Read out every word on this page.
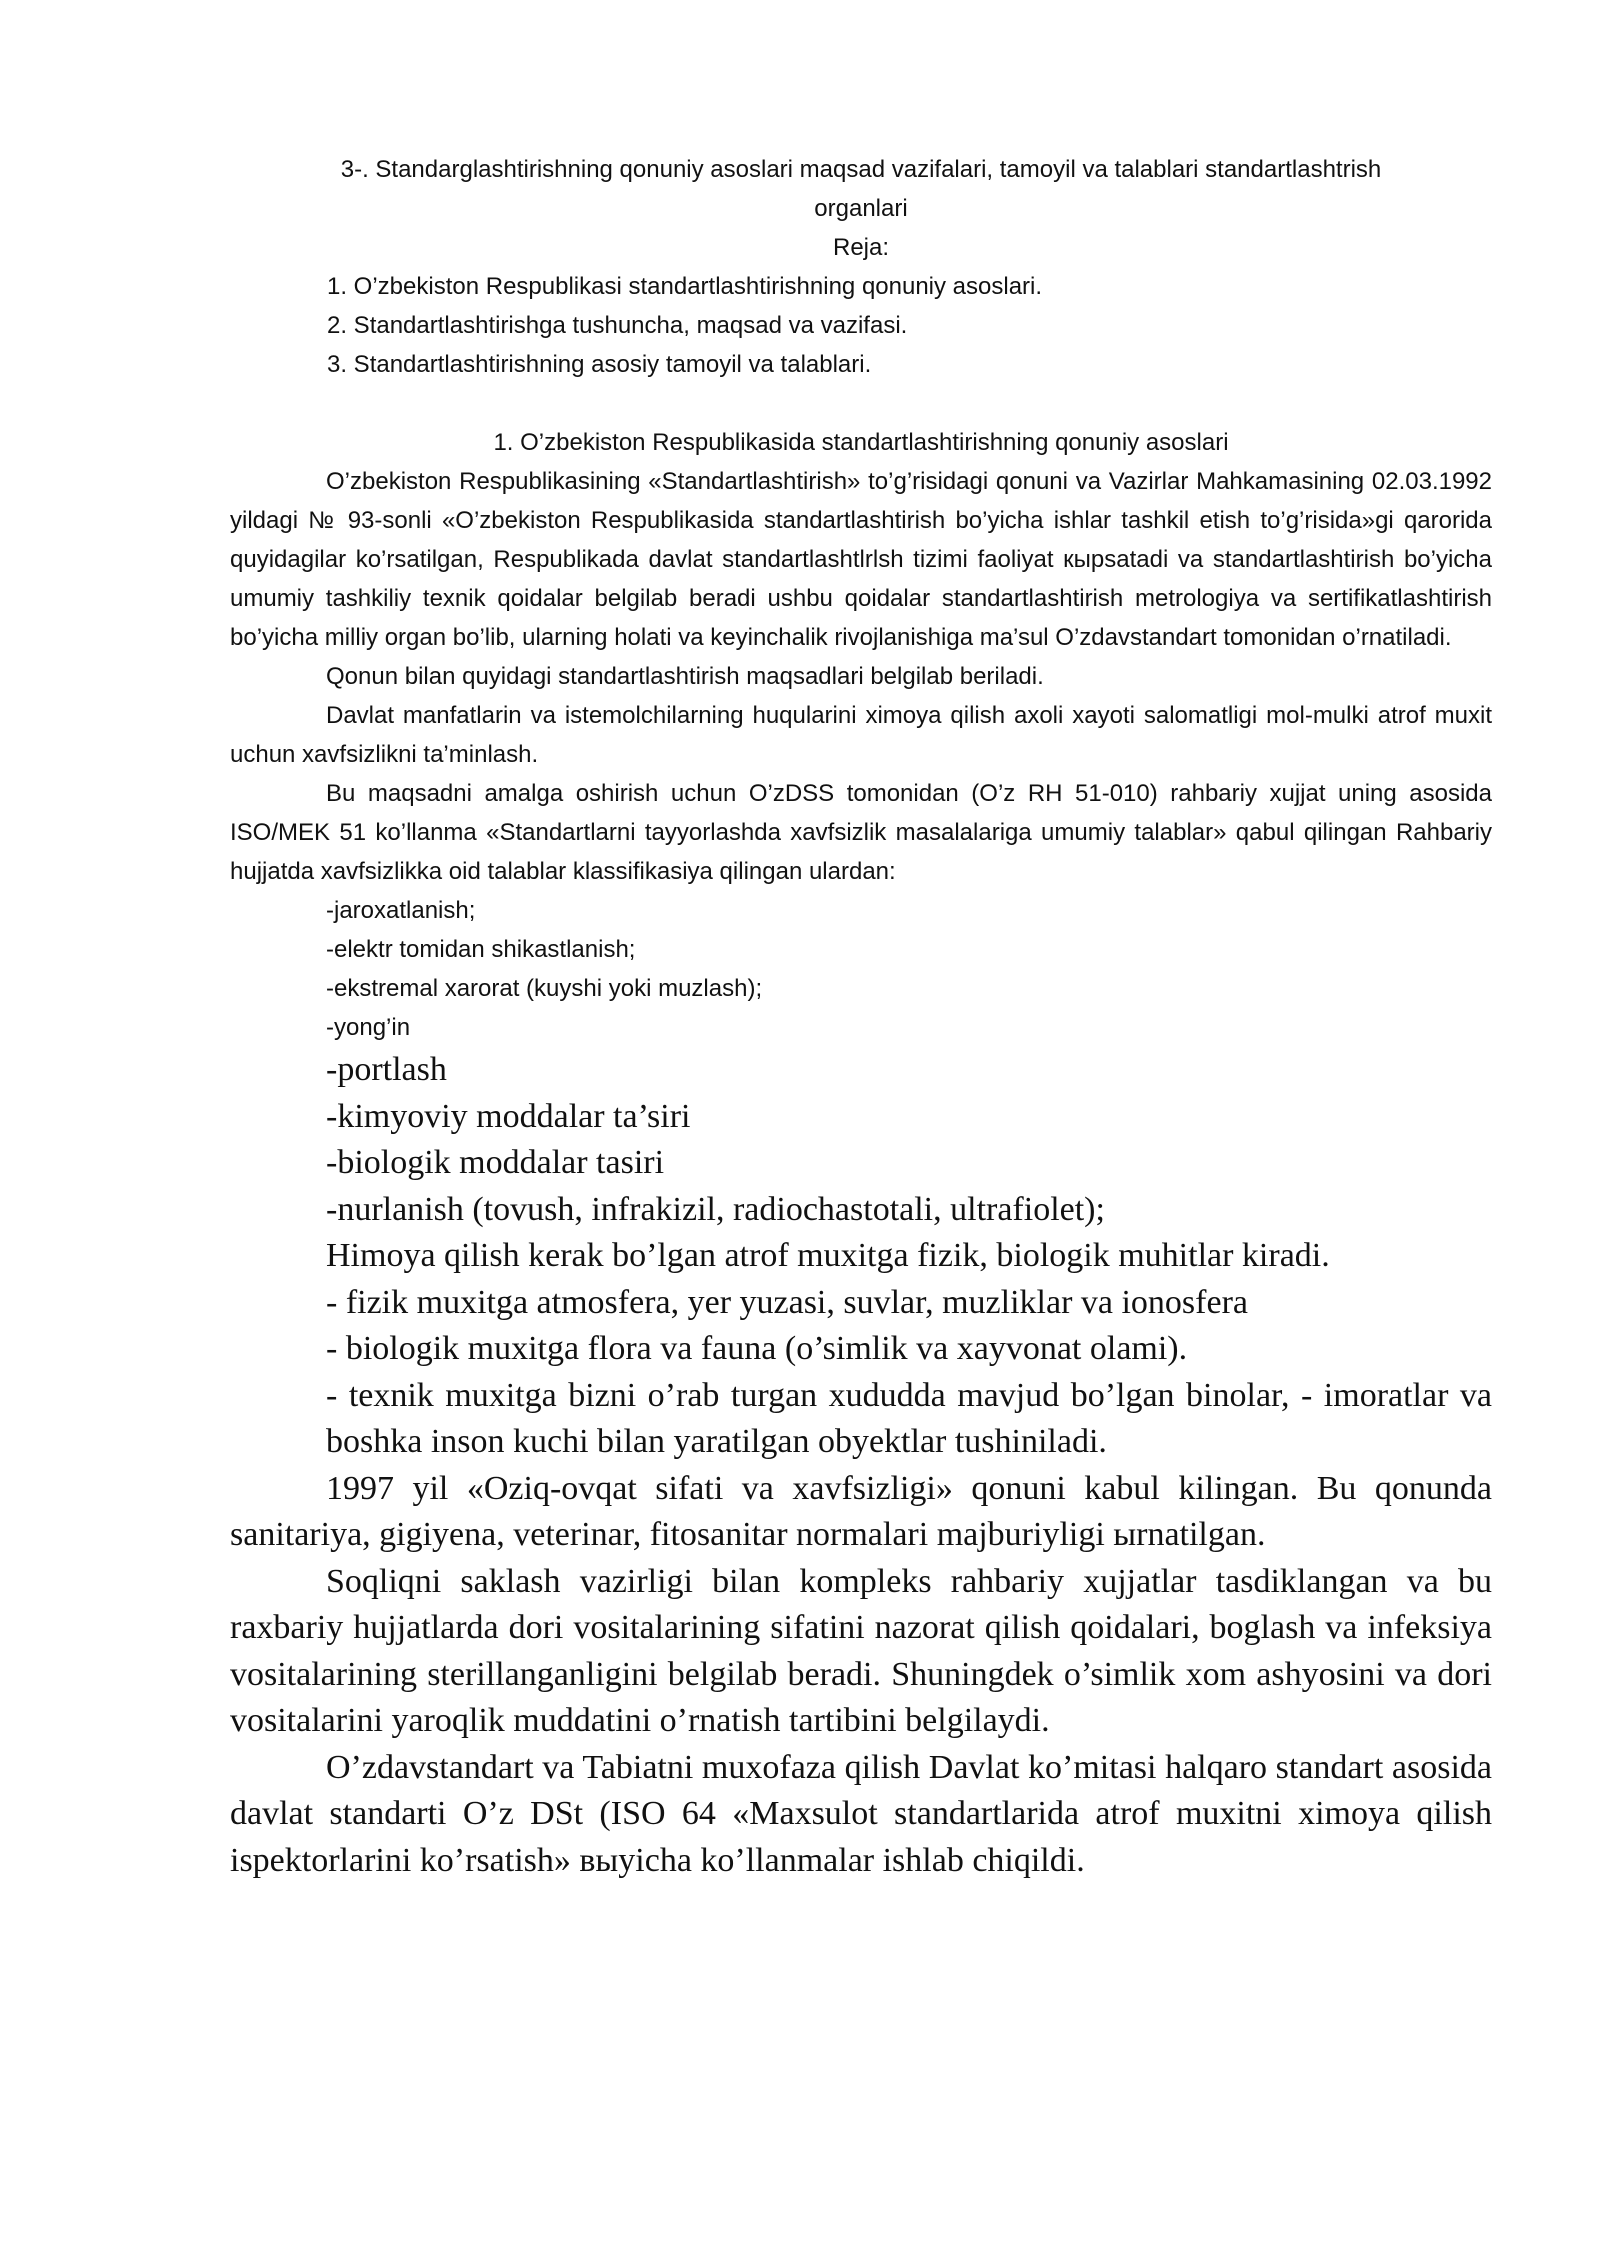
3-. Standarglashtirishning qonuniy asoslari maqsad vazifalari, tamoyil va talablari standartlashtrish
organlari
Reja:
1. O’zbekiston Respublikasi standartlashtirishning qonuniy asoslari.
2. Standartlashtirishga tushuncha, maqsad va vazifasi.
3. Standartlashtirishning asosiy tamoyil va talablari.
1. O’zbekiston Respublikasida standartlashtirishning qonuniy asoslari

O’zbekiston Respublikasining «Standartlashtirish» to’g’risidagi qonuni va Vazirlar Mahkamasining 02.03.1992 yildagi № 93-sonli «O’zbekiston Respublikasida standartlashtirish bo’yicha ishlar tashkil etish to’g’risida»gi qarorida quyidagilar ko’rsatilgan, Respublikada davlat standartlashtlrlsh tizimi faoliyat кырsatadi va standartlashtirish bo’yicha umumiy tashkiliy texnik qoidalar belgilab beradi ushbu qoidalar standartlashtirish metrologiya va sertifikatlashtirish bo’yicha milliy organ bo’lib, ularning holati va keyinchalik rivojlanishiga ma’sul O’zdavstandart tomonidan o’rnatiladi.

Qonun bilan quyidagi standartlashtirish maqsadlari belgilab beriladi.

Davlat manfatlarin va istemolchilarning huqularini ximoya qilish axoli xayoti salomatligi mol-mulki atrof muxit uchun xavfsizlikni ta’minlash.

Bu maqsadni amalga oshirish uchun O’zDSS tomonidan (O’z RH 51-010) rahbariy xujjat uning asosida ISO/MEK 51 ko’llanma «Standartlarni tayyorlashda xavfsizlik masalalariga umumiy talablar» qabul qilingan Rahbariy hujjatda xavfsizlikka oid talablar klassifikasiya qilingan ulardan:

-jaroxatlanish;
-elektr tomidan shikastlanish;
-ekstremal xarorat (kuyshi yoki muzlash);
-yong’in
-portlash
-kimyoviy moddalar ta’siri
-biologik moddalar tasiri
-nurlanish (tovush, infrakizil, radiochastotali, ultrafiolet);
Himoya qilish kerak bo’lgan atrof muxitga fizik, biologik muhitlar kiradi.
- fizik muxitga atmosfera, yer yuzasi, suvlar, muzliklar va ionosfera
- biologik muxitga flora va fauna (o’simlik va xayvonat olami).
- texnik muxitga bizni o’rab turgan xududda mavjud bo’lgan binolar, - imoratlar va boshka inson kuchi bilan yaratilgan obyektlar tushiniladi.

1997 yil «Oziq-ovqat sifati va xavfsizligi» qonuni kabul kilingan. Bu qonunda sanitariya, gigiyena, veterinar, fitosanitar normalari majburiyligi ыrnatilgan.

Soqliqni saklash vazirligi bilan kompleks rahbariy xujjatlar tasdiklangan va bu raxbariy hujjatlarda dori vositalarining sifatini nazorat qilish qoidalari, boglash va infeksiya vositalarining sterillanganligini belgilab beradi. Shuningdek o’simlik xom ashyosini va dori vositalarini yaroqlik muddatini o’rnatish tartibini belgilaydi.

O’zdavstandart va Tabiatni muxofaza qilish Davlat ko’mitasi halqaro standart asosida davlat standarti O’z DSt (ISO 64 «Maxsulot standartlarida atrof muxitni ximoya qilish ispektorlarini ko’rsatish» выyicha ko’llanmalar ishlab chiqildi.
